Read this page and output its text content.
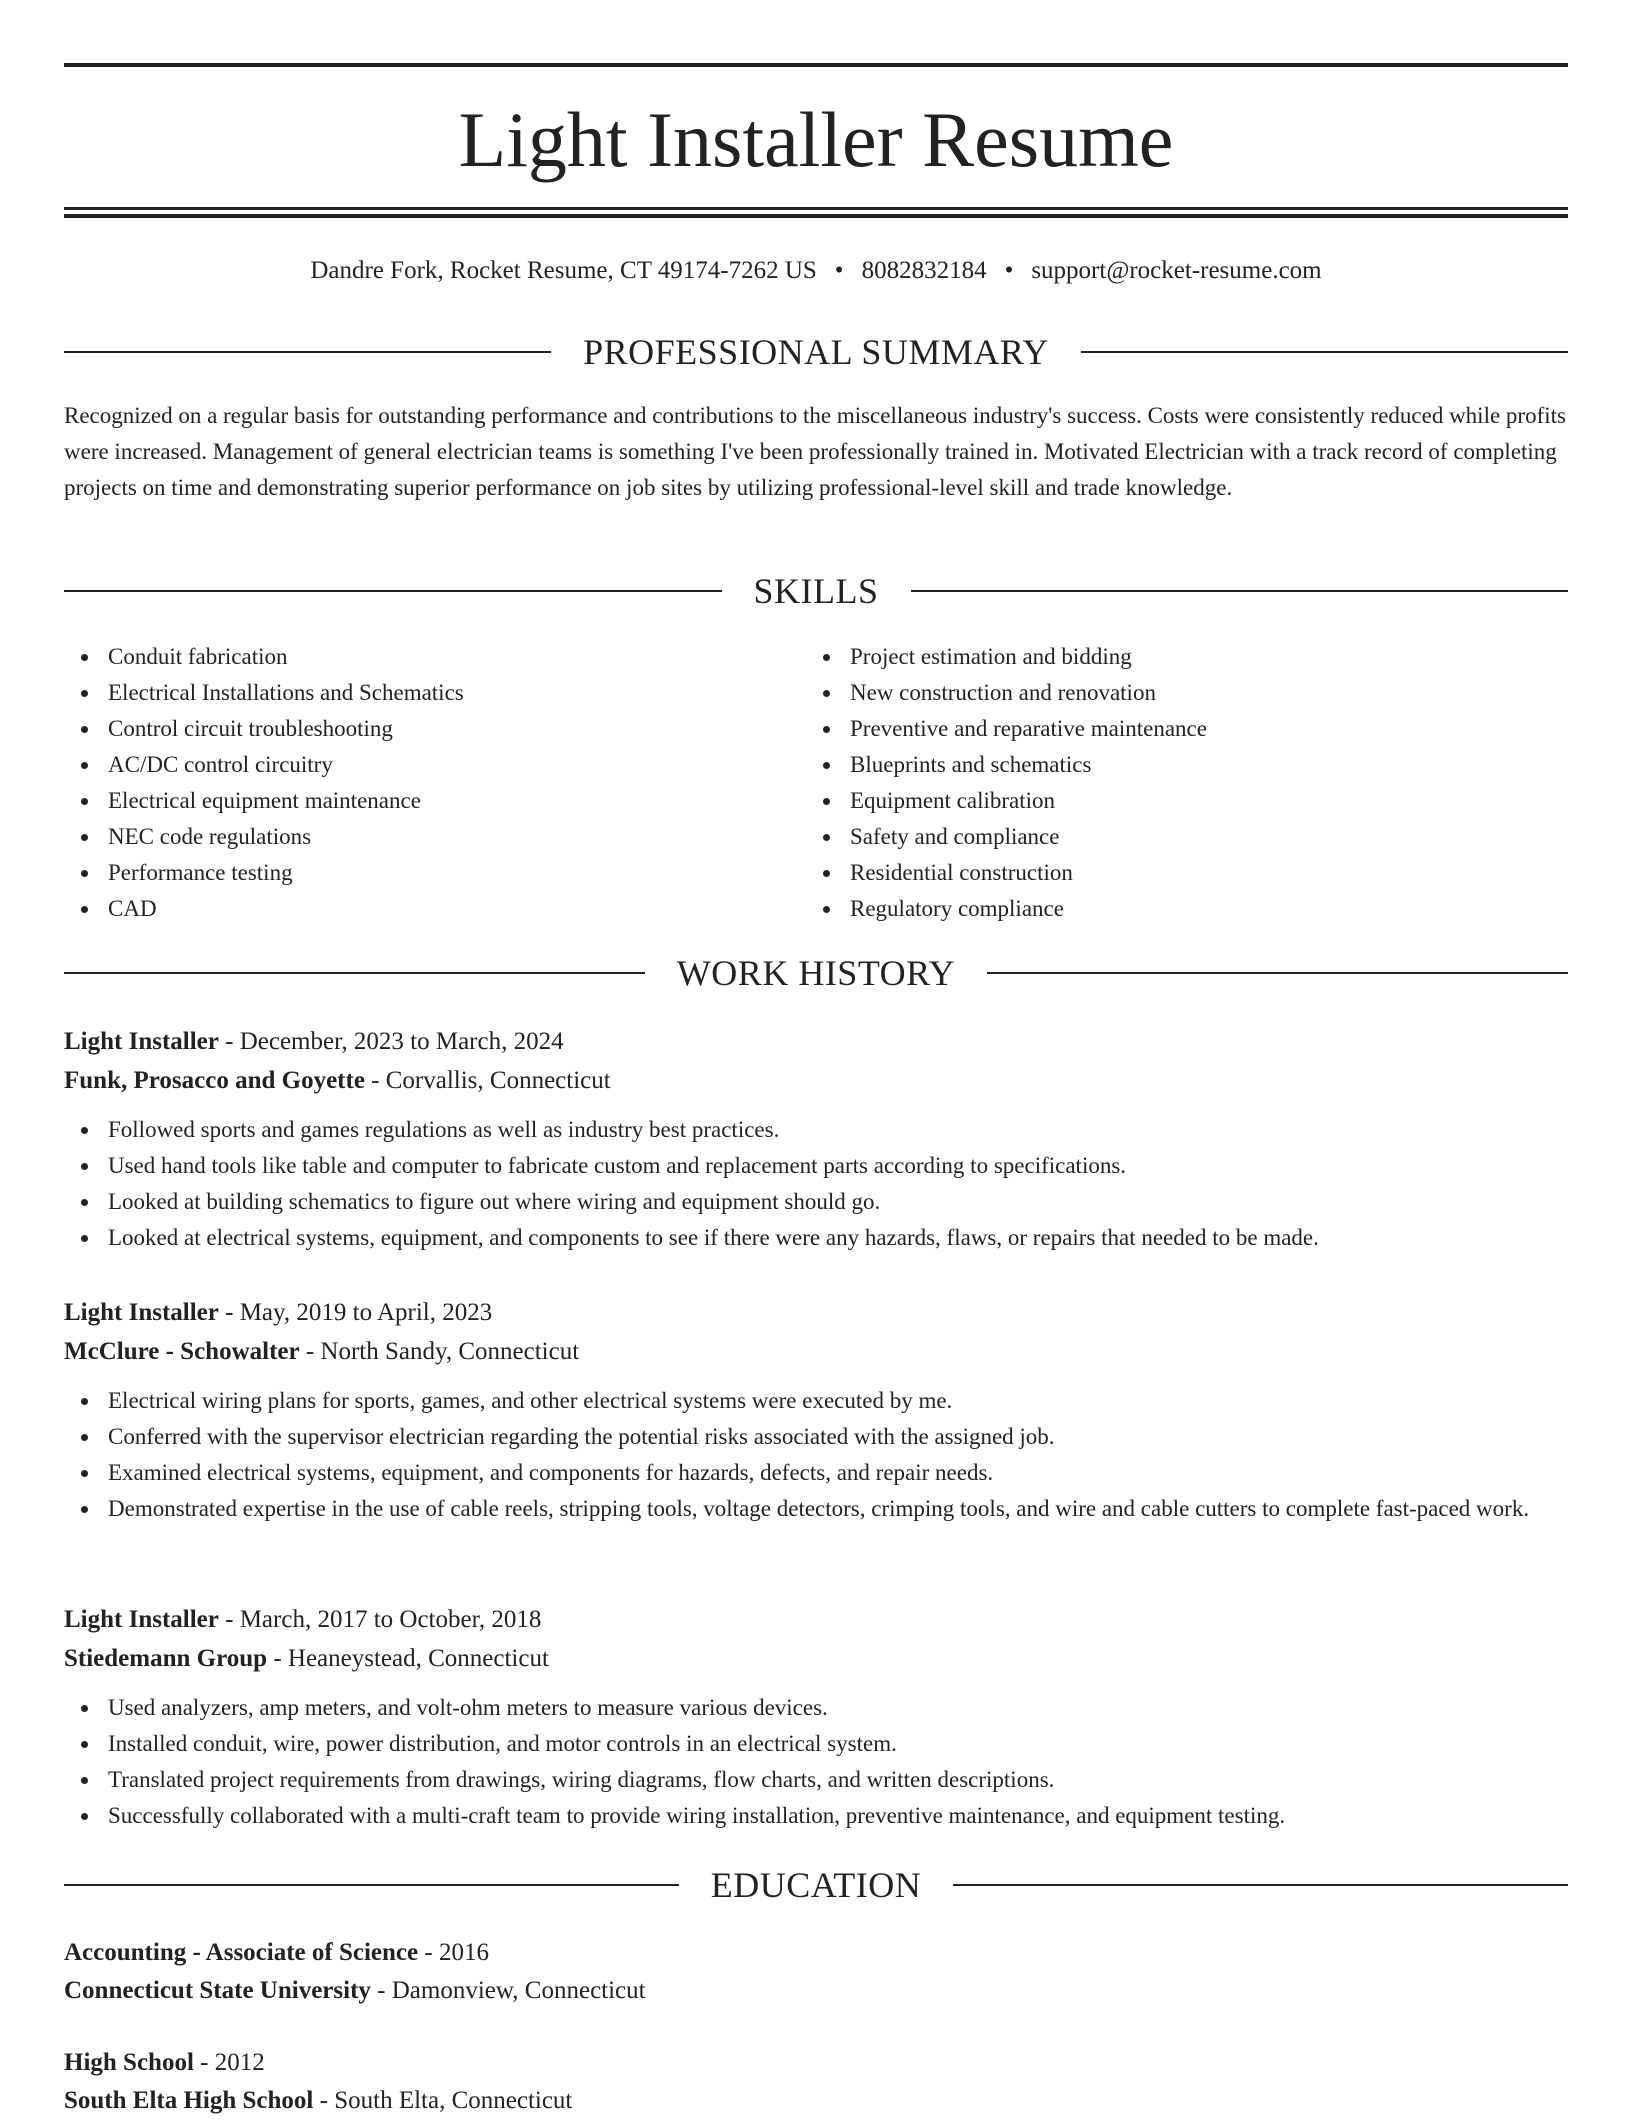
Light Installer Resume
Dandre Fork, Rocket Resume, CT 49174-7262 US • 8082832184 • support@rocket-resume.com
PROFESSIONAL SUMMARY

Recognized on a regular basis for outstanding performance and contributions to the miscellaneous industry's success. Costs were consistently reduced while profits were increased. Management of general electrician teams is something I've been professionally trained in. Motivated Electrician with a track record of completing projects on time and demonstrating superior performance on job sites by utilizing professional-level skill and trade knowledge.

SKILLS
Conduit fabrication
Electrical Installations and Schematics
Control circuit troubleshooting
AC/DC control circuitry
Electrical equipment maintenance
NEC code regulations
Performance testing
CAD
Project estimation and bidding
New construction and renovation
Preventive and reparative maintenance
Blueprints and schematics
Equipment calibration
Safety and compliance
Residential construction
Regulatory compliance
WORK HISTORY
Light Installer - December, 2023 to March, 2024
Funk, Prosacco and Goyette - Corvallis, Connecticut
Followed sports and games regulations as well as industry best practices.
Used hand tools like table and computer to fabricate custom and replacement parts according to specifications.
Looked at building schematics to figure out where wiring and equipment should go.
Looked at electrical systems, equipment, and components to see if there were any hazards, flaws, or repairs that needed to be made.
Light Installer - May, 2019 to April, 2023
McClure - Schowalter - North Sandy, Connecticut
Electrical wiring plans for sports, games, and other electrical systems were executed by me.
Conferred with the supervisor electrician regarding the potential risks associated with the assigned job.
Examined electrical systems, equipment, and components for hazards, defects, and repair needs.
Demonstrated expertise in the use of cable reels, stripping tools, voltage detectors, crimping tools, and wire and cable cutters to complete fast-paced work.
Light Installer - March, 2017 to October, 2018
Stiedemann Group - Heaneystead, Connecticut
Used analyzers, amp meters, and volt-ohm meters to measure various devices.
Installed conduit, wire, power distribution, and motor controls in an electrical system.
Translated project requirements from drawings, wiring diagrams, flow charts, and written descriptions.
Successfully collaborated with a multi-craft team to provide wiring installation, preventive maintenance, and equipment testing.
EDUCATION
Accounting - Associate of Science - 2016
Connecticut State University - Damonview, Connecticut
High School - 2012
South Elta High School - South Elta, Connecticut
